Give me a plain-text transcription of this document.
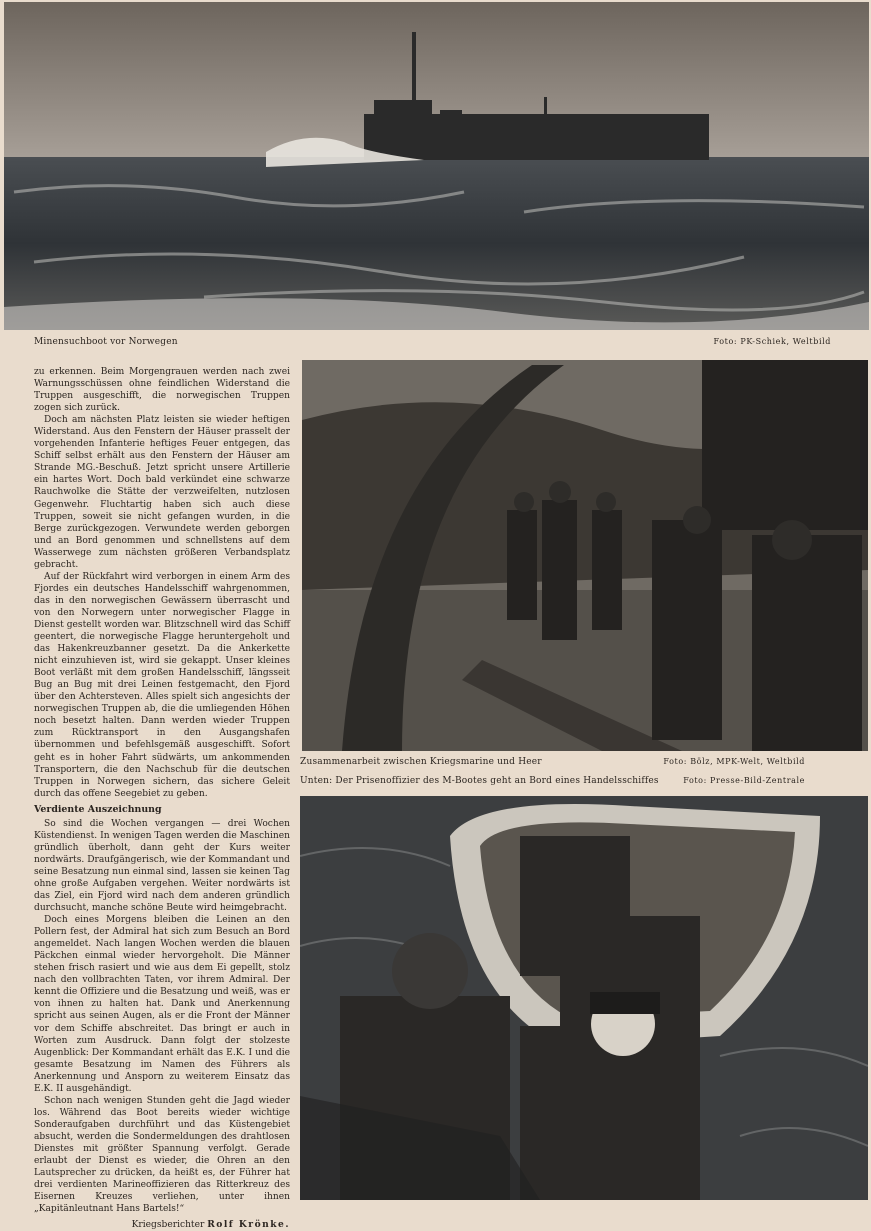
Minensuchboot vor Norwegen	Foto: PK-Schiek, Weltbild
Zusammenarbeit zwischen Kriegsmarine und Heer	Foto: Bölz, MPK-Welt, Weltbild
Unten: Der Prisenoffizier des M-Bootes geht an Bord eines Handelsschiffes	Foto: Presse-Bild-Zentrale

zu erkennen. Beim Morgengrauen werden nach zwei Warnungsschüssen ohne feindlichen Widerstand die Truppen ausgeschifft, die norwegischen Truppen zogen sich zurück.

Doch am nächsten Platz leisten sie wieder heftigen Widerstand. Aus den Fenstern der Häuser prasselt der vorgehenden Infanterie heftiges Feuer entgegen, das Schiff selbst erhält aus den Fenstern der Häuser am Strande MG.-Beschuß. Jetzt spricht unsere Artillerie ein hartes Wort. Doch bald verkündet eine schwarze Rauchwolke die Stätte der verzweifelten, nutzlosen Gegenwehr. Fluchtartig haben sich auch diese Truppen, soweit sie nicht gefangen wurden, in die Berge zurückgezogen. Verwundete werden geborgen und an Bord genommen und schnellstens auf dem Wasserwege zum nächsten größeren Verbandsplatz gebracht.

Auf der Rückfahrt wird verborgen in einem Arm des Fjordes ein deutsches Handelsschiff wahrgenommen, das in den norwegischen Gewässern überrascht und von den Norwegern unter norwegischer Flagge in Dienst gestellt worden war. Blitzschnell wird das Schiff geentert, die norwegische Flagge heruntergeholt und das Hakenkreuzbanner gesetzt. Da die Ankerkette nicht einzuhieven ist, wird sie gekappt. Unser kleines Boot verläßt mit dem großen Handelsschiff, längsseit Bug an Bug mit drei Leinen festgemacht, den Fjord über den Achtersteven. Alles spielt sich angesichts der norwegischen Truppen ab, die die umliegenden Höhen noch besetzt halten. Dann werden wieder Truppen zum Rücktransport in den Ausgangshafen übernommen und befehlsgemäß ausgeschifft. Sofort geht es in hoher Fahrt südwärts, um ankommenden Transportern, die den Nachschub für die deutschen Truppen in Norwegen sichern, das sichere Geleit durch das offene Seegebiet zu geben.

Verdiente Auszeichnung

So sind die Wochen vergangen — drei Wochen Küstendienst. In wenigen Tagen werden die Maschinen gründlich überholt, dann geht der Kurs weiter nordwärts. Draufgängerisch, wie der Kommandant und seine Besatzung nun einmal sind, lassen sie keinen Tag ohne große Aufgaben vergehen. Weiter nordwärts ist das Ziel, ein Fjord wird nach dem anderen gründlich durchsucht, manche schöne Beute wird heimgebracht.

Doch eines Morgens bleiben die Leinen an den Pollern fest, der Admiral hat sich zum Besuch an Bord angemeldet. Nach langen Wochen werden die blauen Päckchen einmal wieder hervorgeholt. Die Männer stehen frisch rasiert und wie aus dem Ei gepellt, stolz nach den vollbrachten Taten, vor ihrem Admiral. Der kennt die Offiziere und die Besatzung und weiß, was er von ihnen zu halten hat. Dank und Anerkennung spricht aus seinen Augen, als er die Front der Männer vor dem Schiffe abschreitet. Das bringt er auch in Worten zum Ausdruck. Dann folgt der stolzeste Augenblick: Der Kommandant erhält das E.K. I und die gesamte Besatzung im Namen des Führers als Anerkennung und Ansporn zu weiterem Einsatz das E.K. II ausgehändigt.

Schon nach wenigen Stunden geht die Jagd wieder los. Während das Boot bereits wieder wichtige Sonderaufgaben durchführt und das Küstengebiet absucht, werden die Sondermeldungen des drahtlosen Dienstes mit größter Spannung verfolgt. Gerade erlaubt der Dienst es wieder, die Ohren an den Lautsprecher zu drücken, da heißt es, der Führer hat drei verdienten Marineoffizieren das Ritterkreuz des Eisernen Kreuzes verliehen, unter ihnen „Kapitänleutnant Hans Bartels!“

Kriegsberichter Rolf Krönke.
